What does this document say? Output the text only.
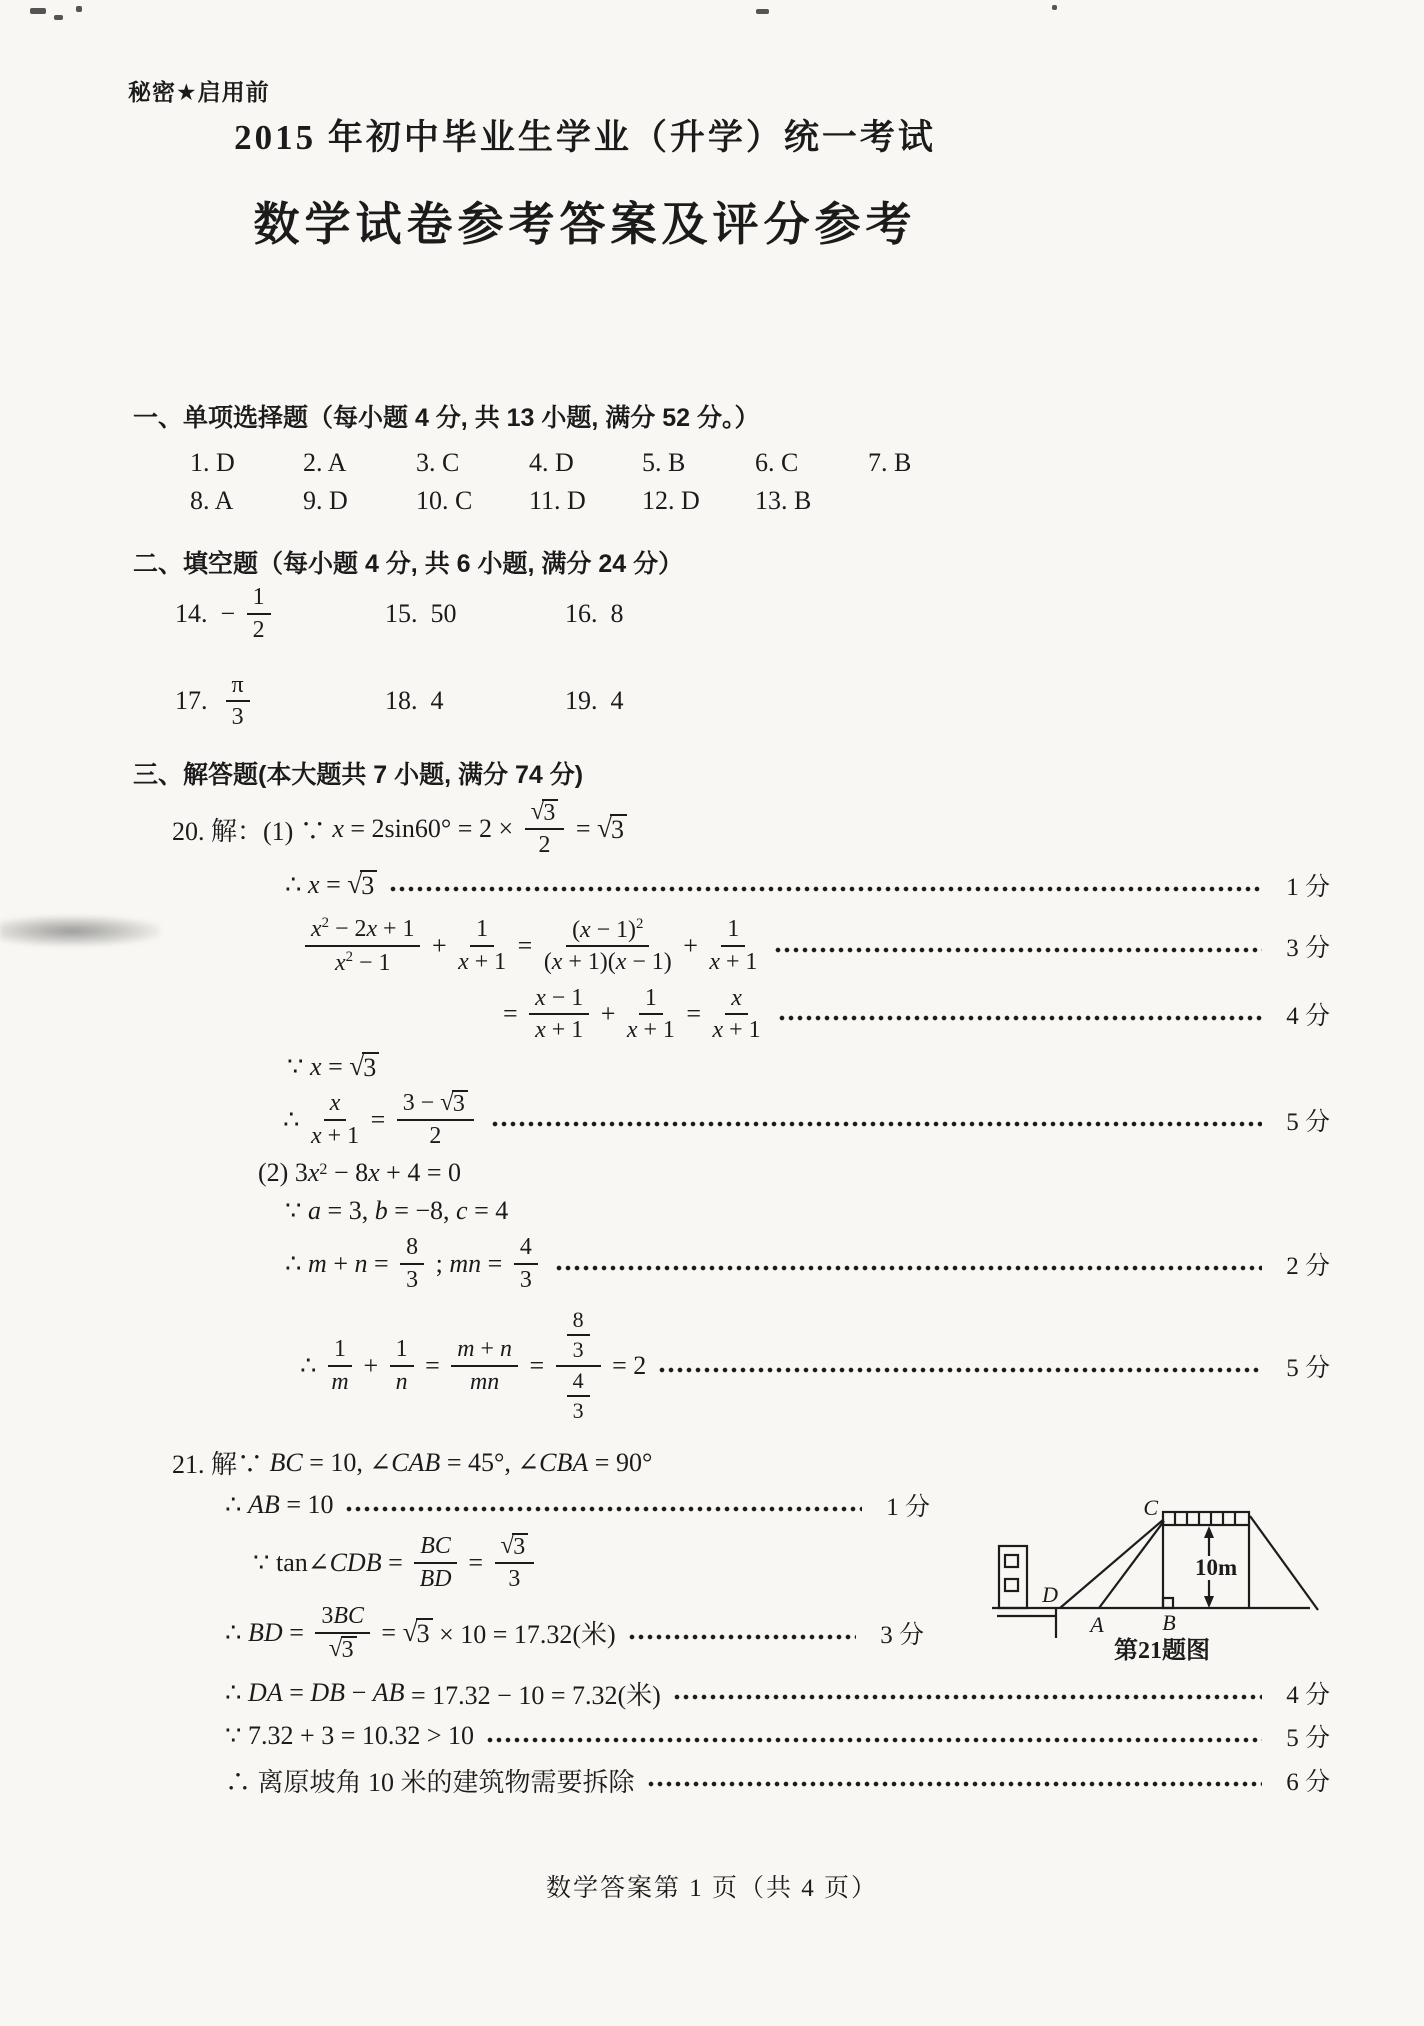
秘密★启用前
2015 年初中毕业生学业（升学）统一考试
数学试卷参考答案及评分参考
一、单项选择题（每小题 4 分, 共 13 小题, 满分 52 分。）
1. D	2. A	3. C	4. D	5. B	6. C	7. B
8. A	9. D	10. C	11. D	12. D	13. B
二、填空题（每小题 4 分, 共 6 小题, 满分 24 分）
14.  − $\frac{1}{2}$	15.  50	16.  8
17. $\frac{\pi}{3}$	18.  4	19.  4
三、解答题(本大题共 7 小题, 满分 74 分)
20. 解：(1) ∵ $x = 2\sin 60^\circ = 2 \times \frac{√ 3}{2}$ = √ 3
∴ x = √ 3	1 分
$\frac{x^2 - 2x + 1}{x^2 - 1} + \frac{1}{x + 1} = \frac{(x - 1)^2}{(x + 1)(x - 1)} + \frac{1}{x + 1}$	3 分
= $\frac{x - 1}{x + 1} + \frac{1}{x + 1} = \frac{x}{x + 1}$	4 分
∵ x = √ 3
∴ $\frac{x}{x + 1} = \frac{3 - √ 3}{2}$	5 分
(2) 3 x 2 − 8 x + 4 = 0
∵ a = 3, b = −8, c = 4
∴ $m + n = \frac{8}{3}$ ; mn = $\frac{4}{3}$	2 分
∴ $\frac{1}{m} + \frac{1}{n} = \frac{m + n}{mn} = \frac{\frac{8}{3}}{\frac{4}{3}} = 2$	5 分
21. 解∵ BC = 10, ∠ CAB = 45°, ∠ CBA = 90°
∴ AB = 10	1 分
∵ tan∠ CDB = $\frac{BC}{BD} = \frac{√ 3}{3}$
∴ BD = $\frac{3BC}{√ 3}$ = √ 3 × 10 = 17.32(米)	3 分
∴ DA = DB − AB = 17.32 − 10 = 7.32(米)	4 分
∵ 7.32 + 3 = 10.32 > 10	5 分
∴ 离原坡角 10 米的建筑物需要拆除	6 分
D
C
A	B
10m
第21题图
数学答案第 1 页（共 4 页）
